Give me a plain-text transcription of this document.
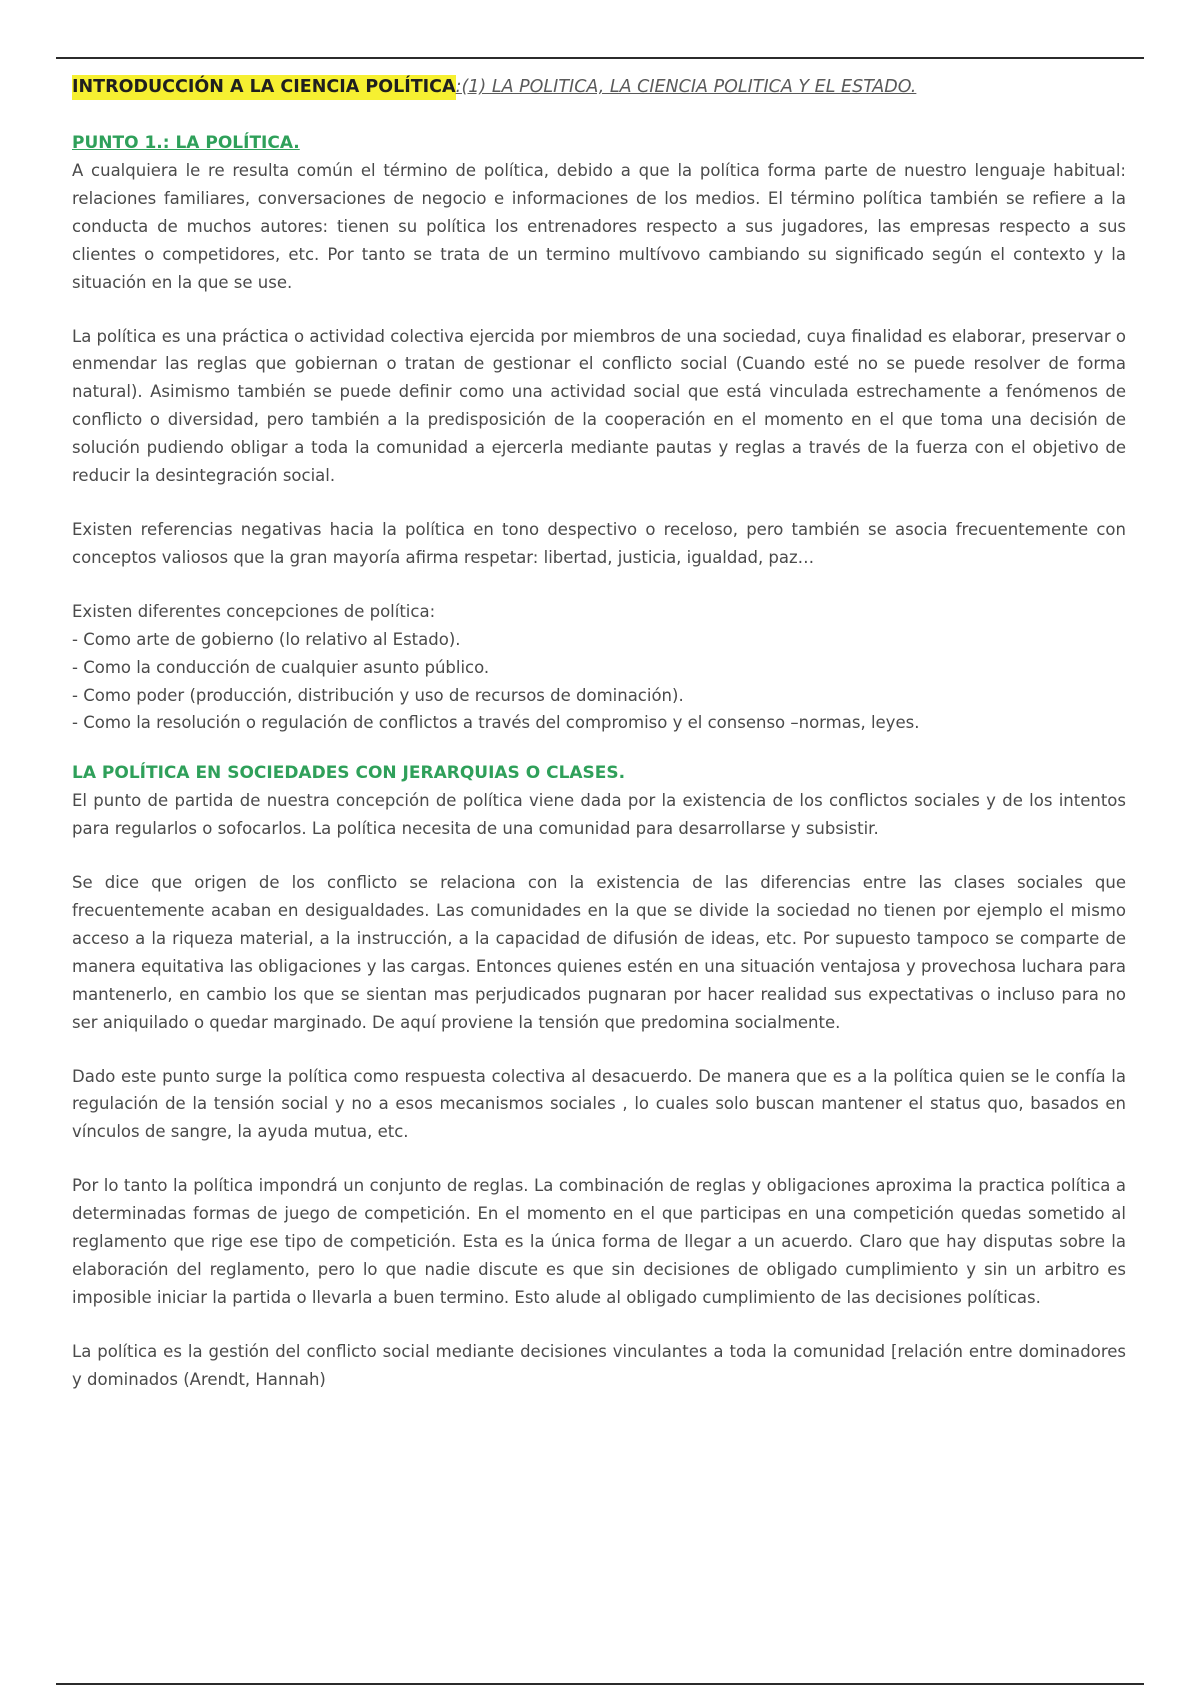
INTRODUCCIÓN A LA CIENCIA POLÍTICA:(1) LA POLITICA, LA CIENCIA POLITICA Y EL ESTADO.
PUNTO 1.: LA POLÍTICA.

A cualquiera le re resulta común el término de política, debido a que la política forma parte de nuestro lenguaje habitual: relaciones familiares, conversaciones de negocio e informaciones de los medios. El término política también se refiere a la conducta de muchos autores: tienen su política los entrenadores respecto a sus jugadores, las empresas respecto a sus clientes o competidores, etc. Por tanto se trata de un termino multívovo cambiando su significado según el contexto y la situación en la que se use.

La política es una práctica o actividad colectiva ejercida por miembros de una sociedad, cuya finalidad es elaborar, preservar o enmendar las reglas que gobiernan o tratan de gestionar el conflicto social (Cuando esté no se puede resolver de forma natural). Asimismo también se puede definir como una actividad social que está vinculada estrechamente a fenómenos de conflicto o diversidad, pero también a la predisposición de la cooperación en el momento en el que toma una decisión de solución pudiendo obligar a toda la comunidad a ejercerla mediante pautas y reglas a través de la fuerza con el objetivo de reducir la desintegración social.

Existen referencias negativas hacia la política en tono despectivo o receloso, pero también se asocia frecuentemente con conceptos valiosos que la gran mayoría afirma respetar: libertad, justicia, igualdad, paz…

Existen diferentes concepciones de política:

- Como arte de gobierno (lo relativo al Estado).
- Como la conducción de cualquier asunto público.
- Como poder (producción, distribución y uso de recursos de dominación).
- Como la resolución o regulación de conflictos a través del compromiso y el consenso –normas, leyes.
LA POLÍTICA EN SOCIEDADES CON JERARQUIAS O CLASES.

El punto de partida de nuestra concepción de política viene dada por la existencia de los conflictos sociales y de los intentos para regularlos o sofocarlos. La política necesita de una comunidad para desarrollarse y subsistir.

Se dice que origen de los conflicto se relaciona con la existencia de las diferencias entre las clases sociales que frecuentemente acaban en desigualdades. Las comunidades en la que se divide la sociedad no tienen por ejemplo el mismo acceso a la riqueza material, a la instrucción, a la capacidad de difusión de ideas, etc. Por supuesto tampoco se comparte de manera equitativa las obligaciones y las cargas. Entonces quienes estén en una situación ventajosa y provechosa luchara para mantenerlo, en cambio los que se sientan mas perjudicados pugnaran por hacer realidad sus expectativas o incluso para no ser aniquilado o quedar marginado. De aquí proviene la tensión que predomina socialmente.

Dado este punto surge la política como respuesta colectiva al desacuerdo. De manera que es a la política quien se le confía la regulación de la tensión social y no a esos mecanismos sociales , lo cuales solo buscan mantener el status quo, basados en vínculos de sangre, la ayuda mutua, etc.

Por lo tanto la política impondrá un conjunto de reglas. La combinación de reglas y obligaciones aproxima la practica política a determinadas formas de juego de competición. En el momento en el que participas en una competición quedas sometido al reglamento que rige ese tipo de competición. Esta es la única forma de llegar a un acuerdo. Claro que hay disputas sobre la elaboración del reglamento, pero lo que nadie discute es que sin decisiones de obligado cumplimiento y sin un arbitro es imposible iniciar la partida o llevarla a buen termino. Esto alude al obligado cumplimiento de las decisiones políticas.

La política es la gestión del conflicto social mediante decisiones vinculantes a toda la comunidad [relación entre dominadores y dominados (Arendt, Hannah)
